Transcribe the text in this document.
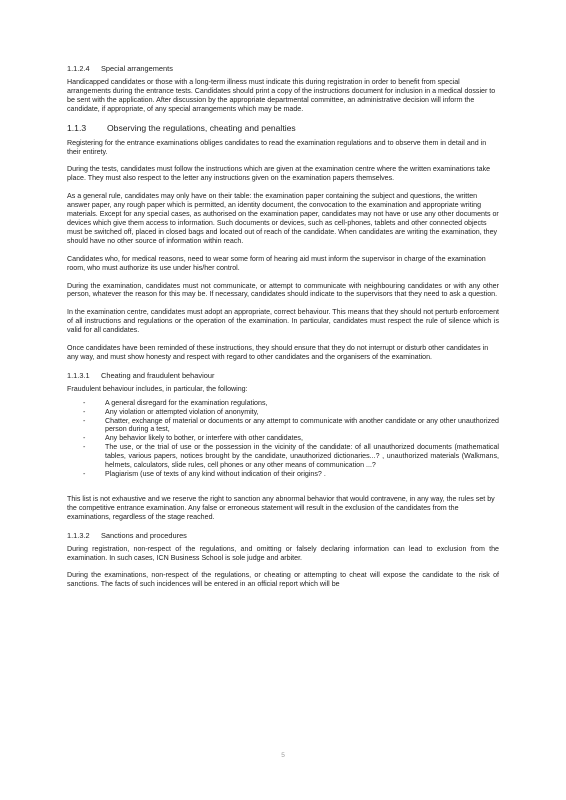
1.1.2.4 Special arrangements

Handicapped candidates or those with a long-term illness must indicate this during registration in order to benefit from special arrangements during the entrance tests. Candidates should print a copy of the instructions document for inclusion in a medical dossier to be sent with the application. After discussion by the appropriate departmental committee, an administrative decision will inform the candidate, if appropriate, of any special arrangements which may be made.

1.1.3 Observing the regulations, cheating and penalties

Registering for the entrance examinations obliges candidates to read the examination regulations and to observe them in detail and in their entirety.

During the tests, candidates must follow the instructions which are given at the examination centre where the written examinations take place. They must also respect to the letter any instructions given on the examination papers themselves.

As a general rule, candidates may only have on their table: the examination paper containing the subject and questions, the written answer paper, any rough paper which is permitted, an identity document, the convocation to the examination and appropriate writing materials. Except for any special cases, as authorised on the examination paper, candidates may not have or use any other documents or devices which give them access to information. Such documents or devices, such as cell-phones, tablets and other connected objects must be switched off, placed in closed bags and located out of reach of the candidate. When candidates are writing the examination, they should have no other source of information within reach.

Candidates who, for medical reasons, need to wear some form of hearing aid must inform the supervisor in charge of the examination room, who must authorize its use under his/her control.

During the examination, candidates must not communicate, or attempt to communicate with neighbouring candidates or with any other person, whatever the reason for this may be. If necessary, candidates should indicate to the supervisors that they need to ask a question.

In the examination centre, candidates must adopt an appropriate, correct behaviour. This means that they should not perturb enforcement of all instructions and regulations or the operation of the examination. In particular, candidates must respect the rule of silence which is valid for all candidates.

Once candidates have been reminded of these instructions, they should ensure that they do not interrupt or disturb other candidates in any way, and must show honesty and respect with regard to other candidates and the organisers of the examination.

1.1.3.1 Cheating and fraudulent behaviour

Fraudulent behaviour includes, in particular, the following:

-	A general disregard for the examination regulations,
-	Any violation or attempted violation of anonymity,
-	Chatter, exchange of material or documents or any attempt to communicate with another candidate or any other unauthorized person during a test,
-	Any behavior likely to bother, or interfere with other candidates,
-	The use, or the trial of use or the possession in the vicinity of the candidate: of all unauthorized documents (mathematical tables, various papers, notices brought by the candidate, unauthorized dictionaries...? , unauthorized materials (Walkmans, helmets, calculators, slide rules, cell phones or any other means of communication ...?
-	Plagiarism (use of texts of any kind without indication of their origins? .

This list is not exhaustive and we reserve the right to sanction any abnormal behavior that would contravene, in any way, the rules set by the competitive entrance examination. Any false or erroneous statement will result in the exclusion of the candidates from the examinations, regardless of the stage reached.

1.1.3.2 Sanctions and procedures

During registration, non-respect of the regulations, and omitting or falsely declaring information can lead to exclusion from the examination. In such cases, ICN Business School is sole judge and arbiter.

During the examinations, non-respect of the regulations, or cheating or attempting to cheat will expose the candidate to the risk of sanctions. The facts of such incidences will be entered in an official report which will be

5
